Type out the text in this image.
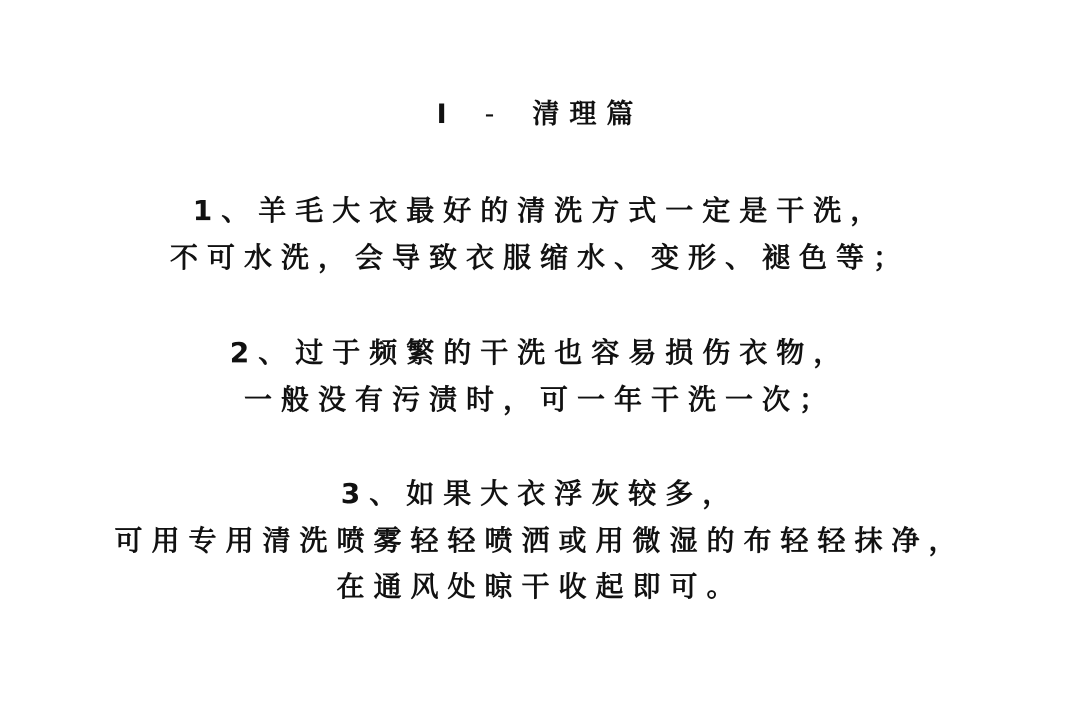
I - 清理篇
1、羊毛大衣最好的清洗方式一定是干洗，
不可水洗，会导致衣服缩水、变形、褪色等；
2、过于频繁的干洗也容易损伤衣物，
一般没有污渍时，可一年干洗一次；
3、如果大衣浮灰较多，
可用专用清洗喷雾轻轻喷洒或用微湿的布轻轻抹净，
在通风处晾干收起即可。
